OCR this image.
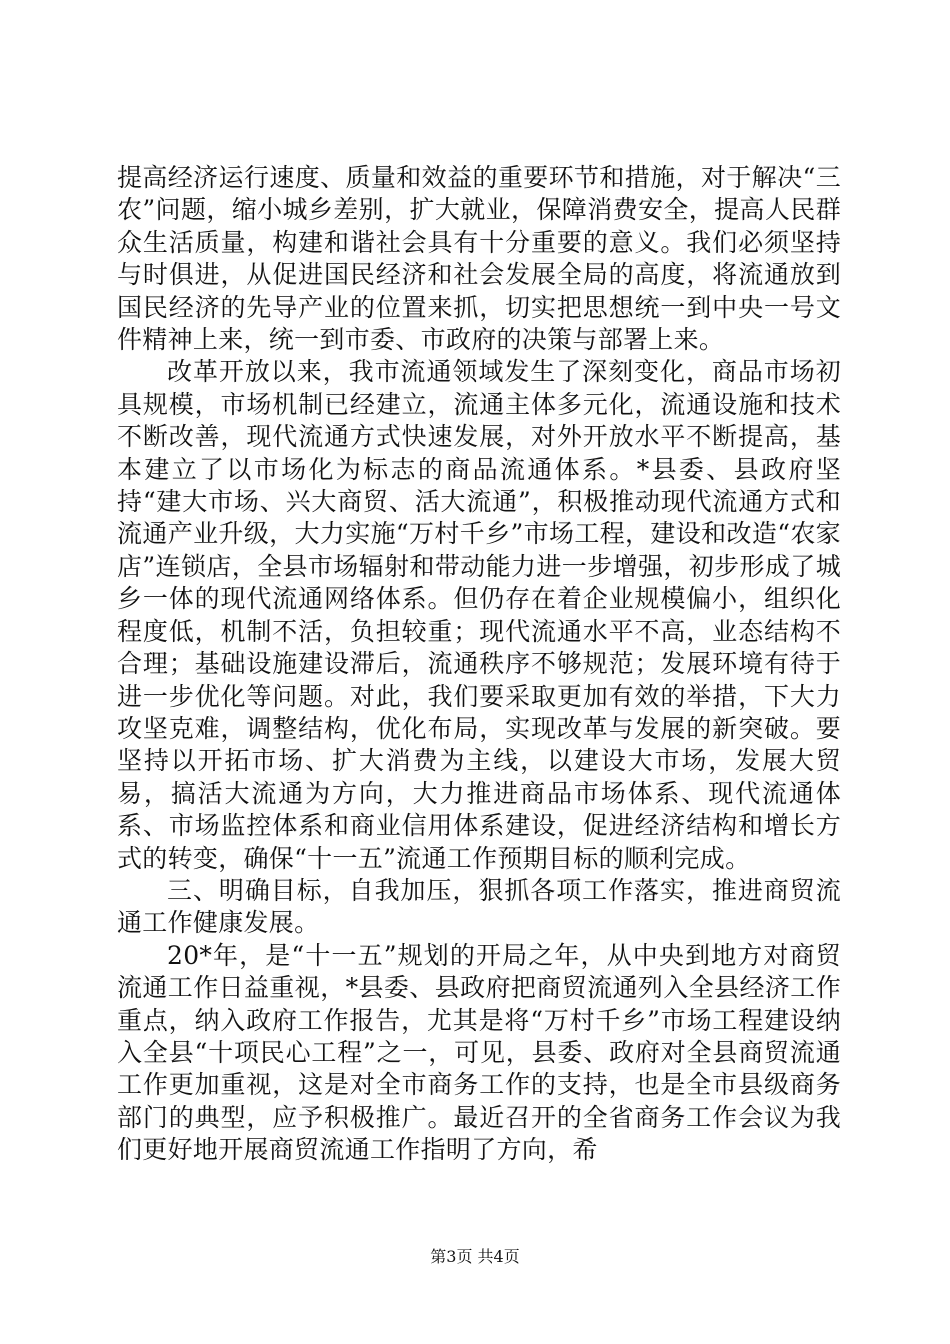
提高经济运行速度、质量和效益的重要环节和措施，对于解决“三农”问题，缩小城乡差别，扩大就业，保障消费安全，提高人民群众生活质量，构建和谐社会具有十分重要的意义。我们必须坚持与时俱进，从促进国民经济和社会发展全局的高度，将流通放到国民经济的先导产业的位置来抓，切实把思想统一到中央一号文件精神上来，统一到市委、市政府的决策与部署上来。

改革开放以来，我市流通领域发生了深刻变化，商品市场初具规模，市场机制已经建立，流通主体多元化，流通设施和技术不断改善，现代流通方式快速发展，对外开放水平不断提高，基本建立了以市场化为标志的商品流通体系。*县委、县政府坚持“建大市场、兴大商贸、活大流通”，积极推动现代流通方式和流通产业升级，大力实施“万村千乡”市场工程，建设和改造“农家店”连锁店，全县市场辐射和带动能力进一步增强，初步形成了城乡一体的现代流通网络体系。但仍存在着企业规模偏小，组织化程度低，机制不活，负担较重；现代流通水平不高，业态结构不合理；基础设施建设滞后，流通秩序不够规范；发展环境有待于进一步优化等问题。对此，我们要采取更加有效的举措，下大力攻坚克难，调整结构，优化布局，实现改革与发展的新突破。要坚持以开拓市场、扩大消费为主线，以建设大市场，发展大贸易，搞活大流通为方向，大力推进商品市场体系、现代流通体系、市场监控体系和商业信用体系建设，促进经济结构和增长方式的转变，确保“十一五”流通工作预期目标的顺利完成。

三、明确目标，自我加压，狠抓各项工作落实，推进商贸流通工作健康发展。

20*年，是“十一五”规划的开局之年，从中央到地方对商贸流通工作日益重视，*县委、县政府把商贸流通列入全县经济工作重点，纳入政府工作报告，尤其是将“万村千乡”市场工程建设纳入全县“十项民心工程”之一，可见，县委、政府对全县商贸流通工作更加重视，这是对全市商务工作的支持，也是全市县级商务部门的典型，应予积极推广。最近召开的全省商务工作会议为我们更好地开展商贸流通工作指明了方向，希

第3页 共4页
